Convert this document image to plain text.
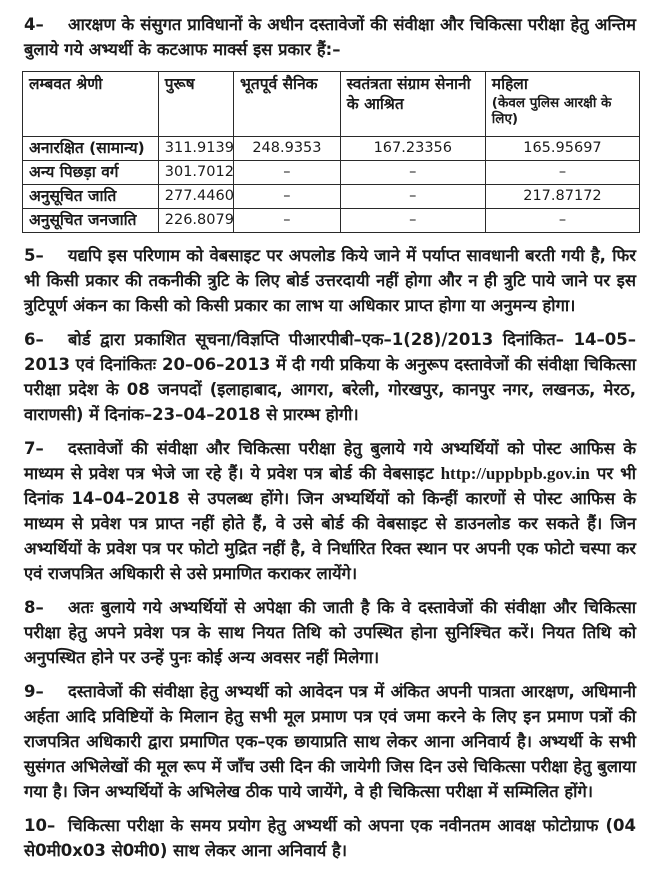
4– आरक्षण के संसुगत प्राविधानों के अधीन दस्तावेजों की संवीक्षा और चिकित्सा परीक्षा हेतु अन्तिम बुलाये गये अभ्यर्थी के कटआफ मार्क्स इस प्रकार हैं:–
लम्बवत श्रेणी	पुरूष	भूतपूर्व सैनिक	स्वतंत्रता संग्राम सेनानी के आश्रित	महिला
(केवल पुलिस आरक्षी के लिए)

अनारक्षित (सामान्य)	311.9139	248.9353	167.23356	165.95697
अन्य पिछड़ा वर्ग	301.7012	–	–	–
अनुसूचित जाति	277.4460	–	–	217.87172
अनुसूचित जनजाति	226.8079	–	–	–
5– यद्यपि इस परिणाम को वेबसाइट पर अपलोड किये जाने में पर्याप्त सावधानी बरती गयी है, फिर भी किसी प्रकार की तकनीकी त्रुटि के लिए बोर्ड उत्तरदायी नहीं होगा और न ही त्रुटि पाये जाने पर इस त्रुटिपूर्ण अंकन का किसी को किसी प्रकार का लाभ या अधिकार प्राप्त होगा या अनुमन्य होगा।
6– बोर्ड द्वारा प्रकाशित सूचना/विज्ञप्ति पीआरपीबी–एक–1(28)/2013 दिनांकित– 14–05–2013 एवं दिनांकितः 20–06–2013 में दी गयी प्रकिया के अनुरूप दस्तावेजों की संवीक्षा चिकित्सा परीक्षा प्रदेश के 08 जनपदों (इलाहाबाद, आगरा, बरेली, गोरखपुर, कानपुर नगर, लखनऊ, मेरठ, वाराणसी) में दिनांक–23–04–2018 से प्रारम्भ होगी।
7– दस्तावेजों की संवीक्षा और चिकित्सा परीक्षा हेतु बुलाये गये अभ्यर्थियों को पोस्ट आफिस के माध्यम से प्रवेश पत्र भेजे जा रहे हैं। ये प्रवेश पत्र बोर्ड की वेबसाइट http://uppbpb.gov.in पर भी दिनांक 14–04–2018 से उपलब्ध होंगे। जिन अभ्यर्थियों को किन्हीं कारणों से पोस्ट आफिस के माध्यम से प्रवेश पत्र प्राप्त नहीं होते हैं, वे उसे बोर्ड की वेबसाइट से डाउनलोड कर सकते हैं। जिन अभ्यर्थियों के प्रवेश पत्र पर फोटो मुद्रित नहीं है, वे निर्धारित रिक्त स्थान पर अपनी एक फोटो चस्पा कर एवं राजपत्रित अधिकारी से उसे प्रमाणित कराकर लायेंगे।
8– अतः बुलाये गये अभ्यर्थियों से अपेक्षा की जाती है कि वे दस्तावेजों की संवीक्षा और चिकित्सा परीक्षा हेतु अपने प्रवेश पत्र के साथ नियत तिथि को उपस्थित होना सुनिश्चित करें। नियत तिथि को अनुपस्थित होने पर उन्हें पुनः कोई अन्य अवसर नहीं मिलेगा।
9– दस्तावेजों की संवीक्षा हेतु अभ्यर्थी को आवेदन पत्र में अंकित अपनी पात्रता आरक्षण, अधिमानी अर्हता आदि प्रविष्टियों के मिलान हेतु सभी मूल प्रमाण पत्र एवं जमा करने के लिए इन प्रमाण पत्रों की राजपत्रित अधिकारी द्वारा प्रमाणित एक–एक छायाप्रति साथ लेकर आना अनिवार्य है। अभ्यर्थी के सभी सुसंगत अभिलेखों की मूल रूप में जाँच उसी दिन की जायेगी जिस दिन उसे चिकित्सा परीक्षा हेतु बुलाया गया है। जिन अभ्यर्थियों के अभिलेख ठीक पाये जायेंगे, वे ही चिकित्सा परीक्षा में सम्मिलित होंगे।
10– चिकित्सा परीक्षा के समय प्रयोग हेतु अभ्यर्थी को अपना एक नवीनतम आवक्ष फोटोग्राफ (04 से0मी0x03 से0मी0) साथ लेकर आना अनिवार्य है।
